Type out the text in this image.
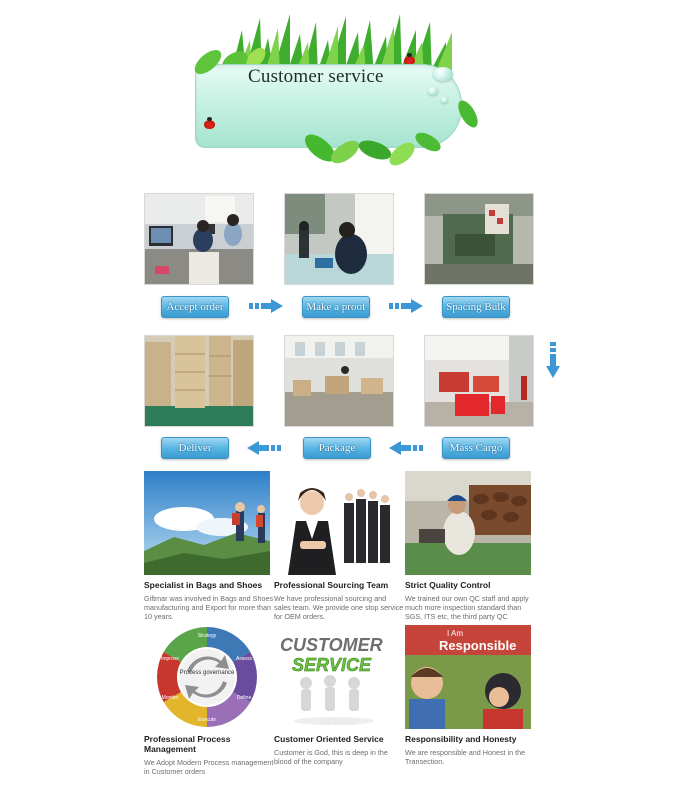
Customer service
Accept order	Make a proof	Spacing Bulk
Deliver	Package	Mass Cargo
Specialist in Bags and Shoes
Giftmar was involved in Bags and Shoes manufacturing and Export for more than 10 years.
Professional Sourcing Team
We have professional sourcing and sales team. We provide one stop service for OEM orders.
Strict Quality Control
We trained our own QC staff and apply much more inspection standard than SGS, ITS etc, the third party QC
Process governance
Strategy
Assess
Define
Execute
Monitor
Improve
Professional Process Management
We Adopt Modern Process management in Customer orders
CUSTOMER
SERVICE
GIFTMAR
Customer Oriented Service
Customer is God, this is deep in the blood of the company
I Am
Responsible
Responsibility and Honesty
We are responsible and Honest in the Transection.
